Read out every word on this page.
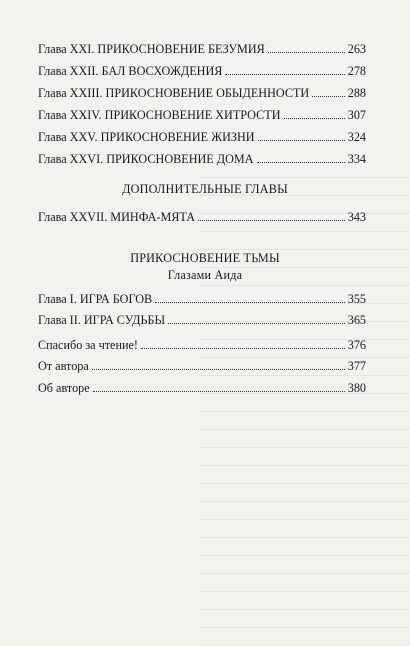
Глава XXI. ПРИКОСНОВЕНИЕ БЕЗУМИЯ	263
Глава XXII. БАЛ ВОСХОЖДЕНИЯ	278
Глава XXIII. ПРИКОСНОВЕНИЕ ОБЫДЕННОСТИ	288
Глава XXIV. ПРИКОСНОВЕНИЕ ХИТРОСТИ	307
Глава XXV. ПРИКОСНОВЕНИЕ ЖИЗНИ	324
Глава XXVI. ПРИКОСНОВЕНИЕ ДОМА	334
ДОПОЛНИТЕЛЬНЫЕ ГЛАВЫ
Глава XXVII. МИНФА-МЯТА	343
ПРИКОСНОВЕНИЕ ТЬМЫ
Глазами Аида
Глава I. ИГРА БОГОВ	355
Глава II. ИГРА СУДЬБЫ	365
Спасибо за чтение!	376
От автора	377
Об авторе	380
